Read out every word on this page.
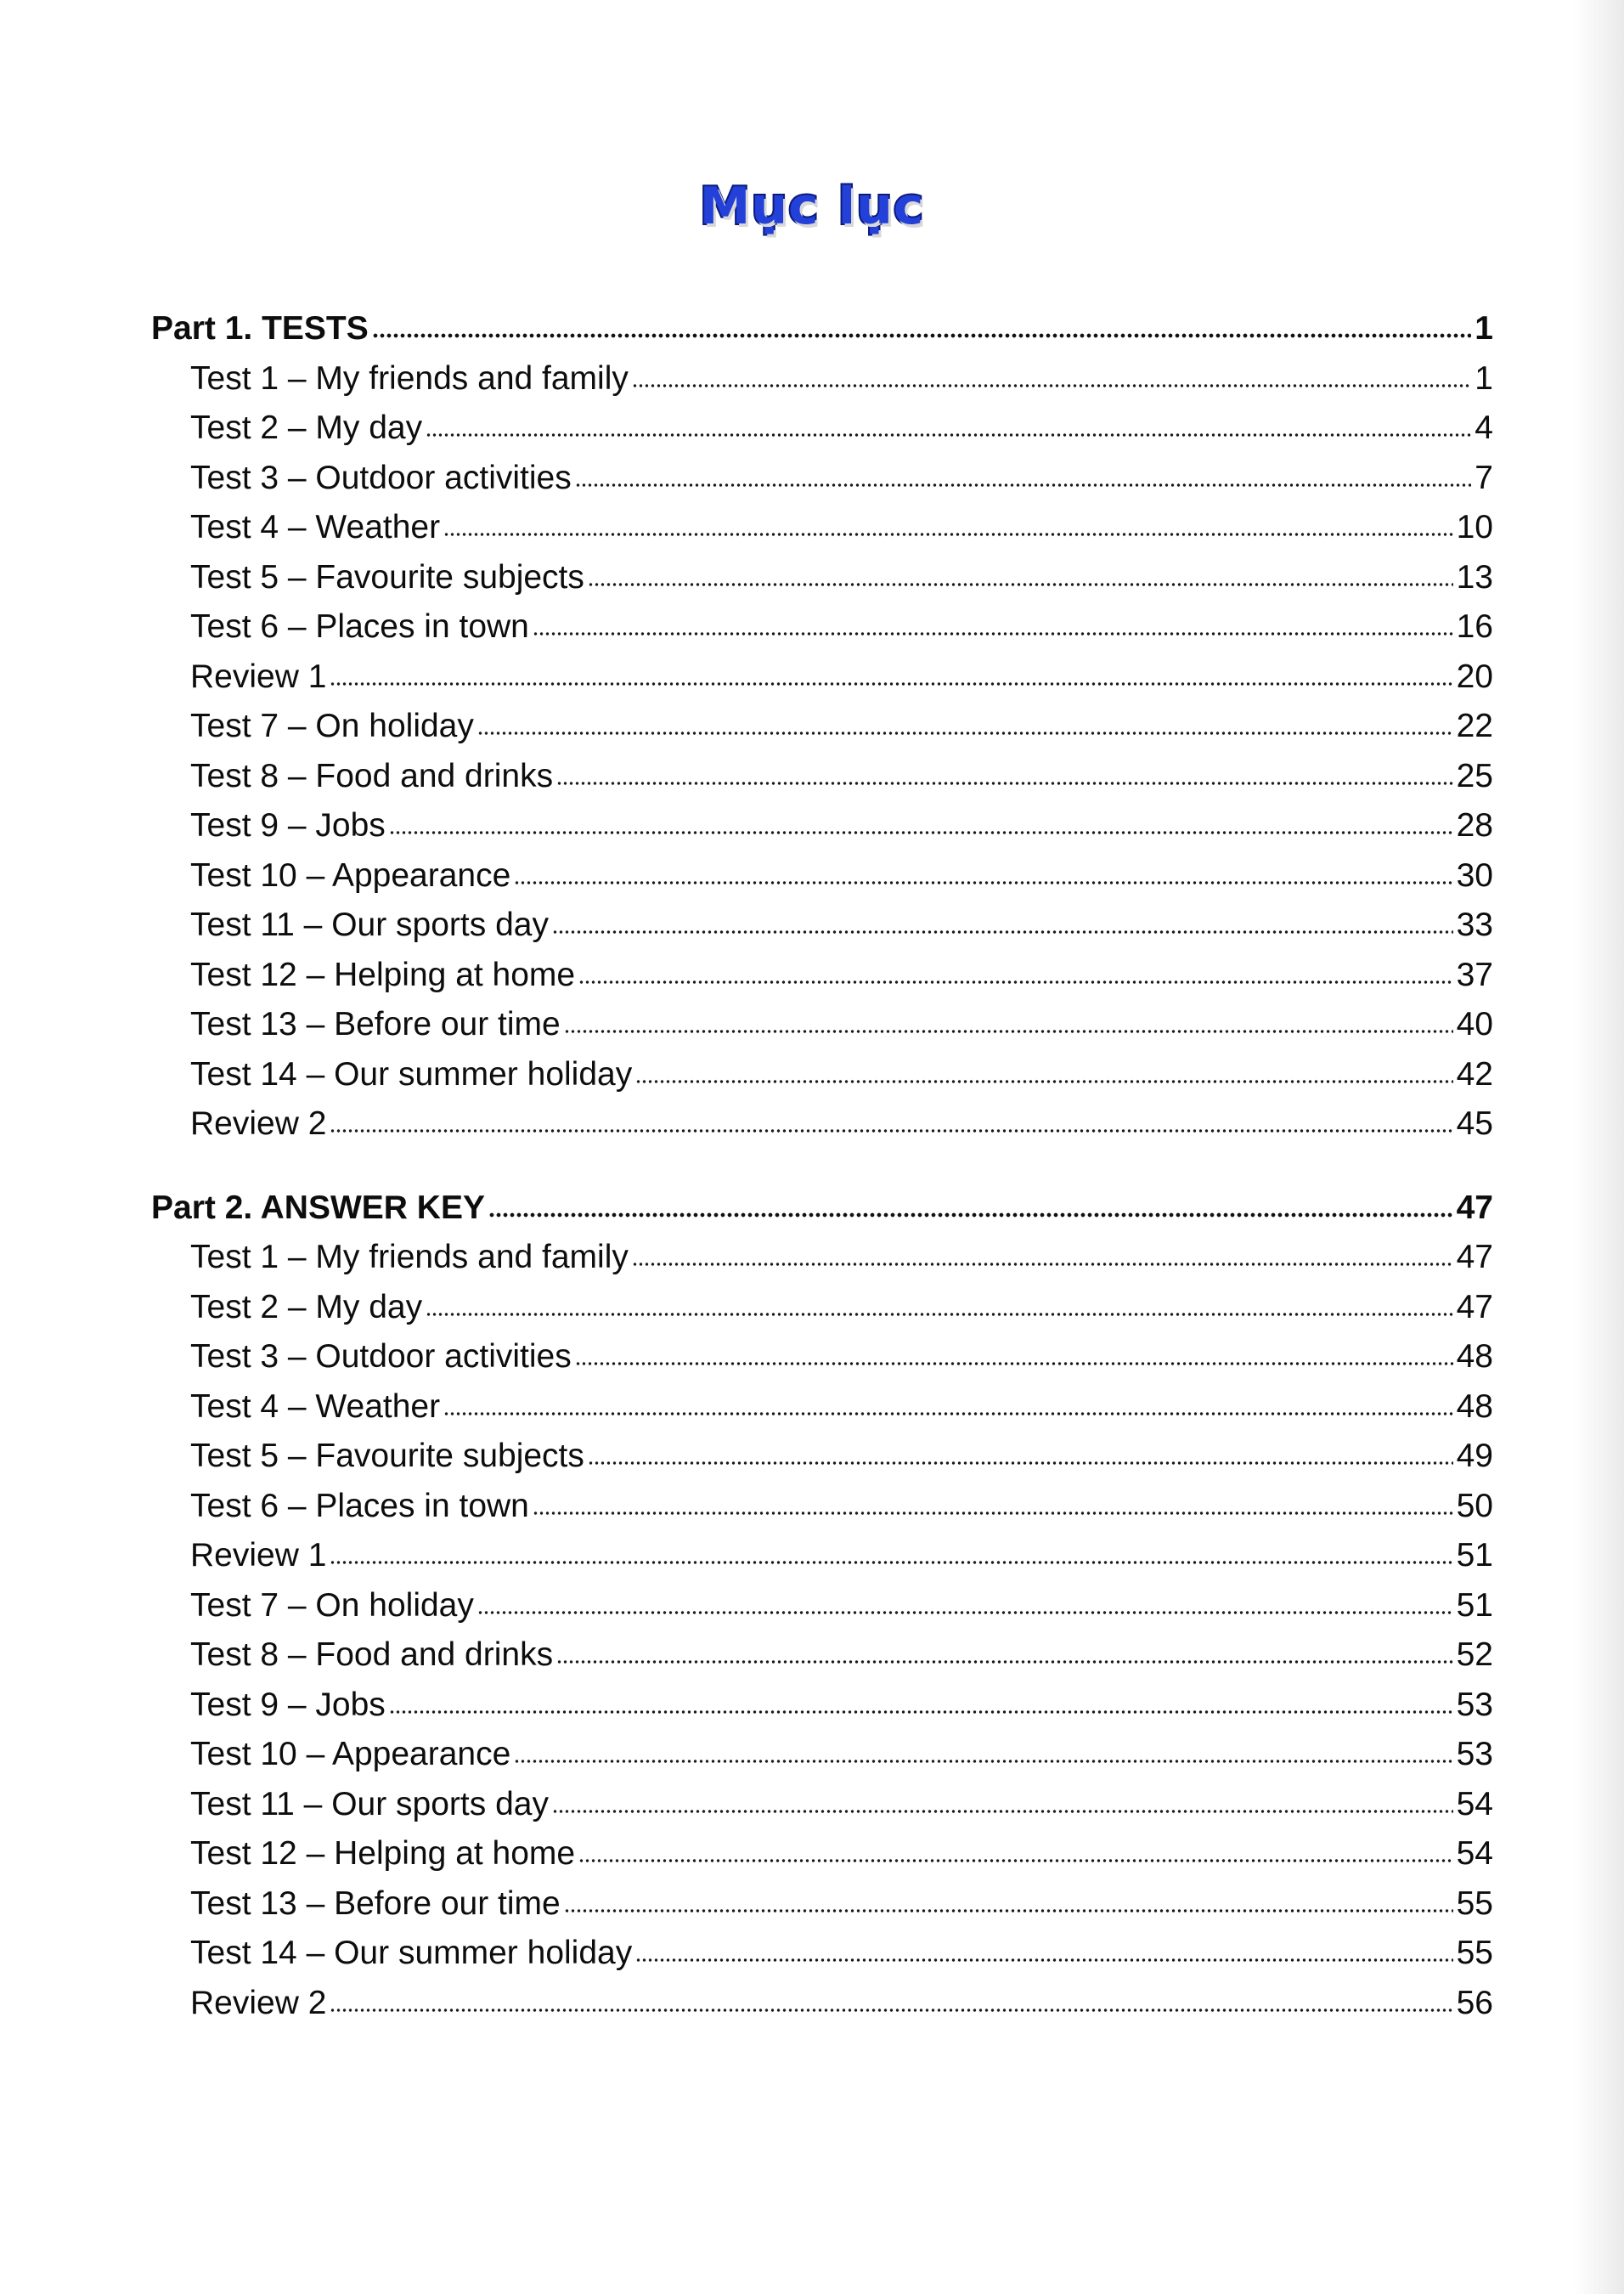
Mục lục
Part 1. TESTS	1
Test 1 – My friends and family	1
Test 2 – My day	4
Test 3 – Outdoor activities	7
Test 4 – Weather	10
Test 5 – Favourite subjects	13
Test 6 – Places in town	16
Review 1	20
Test 7 – On holiday	22
Test 8 – Food and drinks	25
Test 9 – Jobs	28
Test 10 – Appearance	30
Test 11 – Our sports day	33
Test 12 – Helping at home	37
Test 13 – Before our time	40
Test 14 – Our summer holiday	42
Review 2	45
Part 2. ANSWER KEY	47
Test 1 – My friends and family	47
Test 2 – My day	47
Test 3 – Outdoor activities	48
Test 4 – Weather	48
Test 5 – Favourite subjects	49
Test 6 – Places in town	50
Review 1	51
Test 7 – On holiday	51
Test 8 – Food and drinks	52
Test 9 – Jobs	53
Test 10 – Appearance	53
Test 11 – Our sports day	54
Test 12 – Helping at home	54
Test 13 – Before our time	55
Test 14 – Our summer holiday	55
Review 2	56
